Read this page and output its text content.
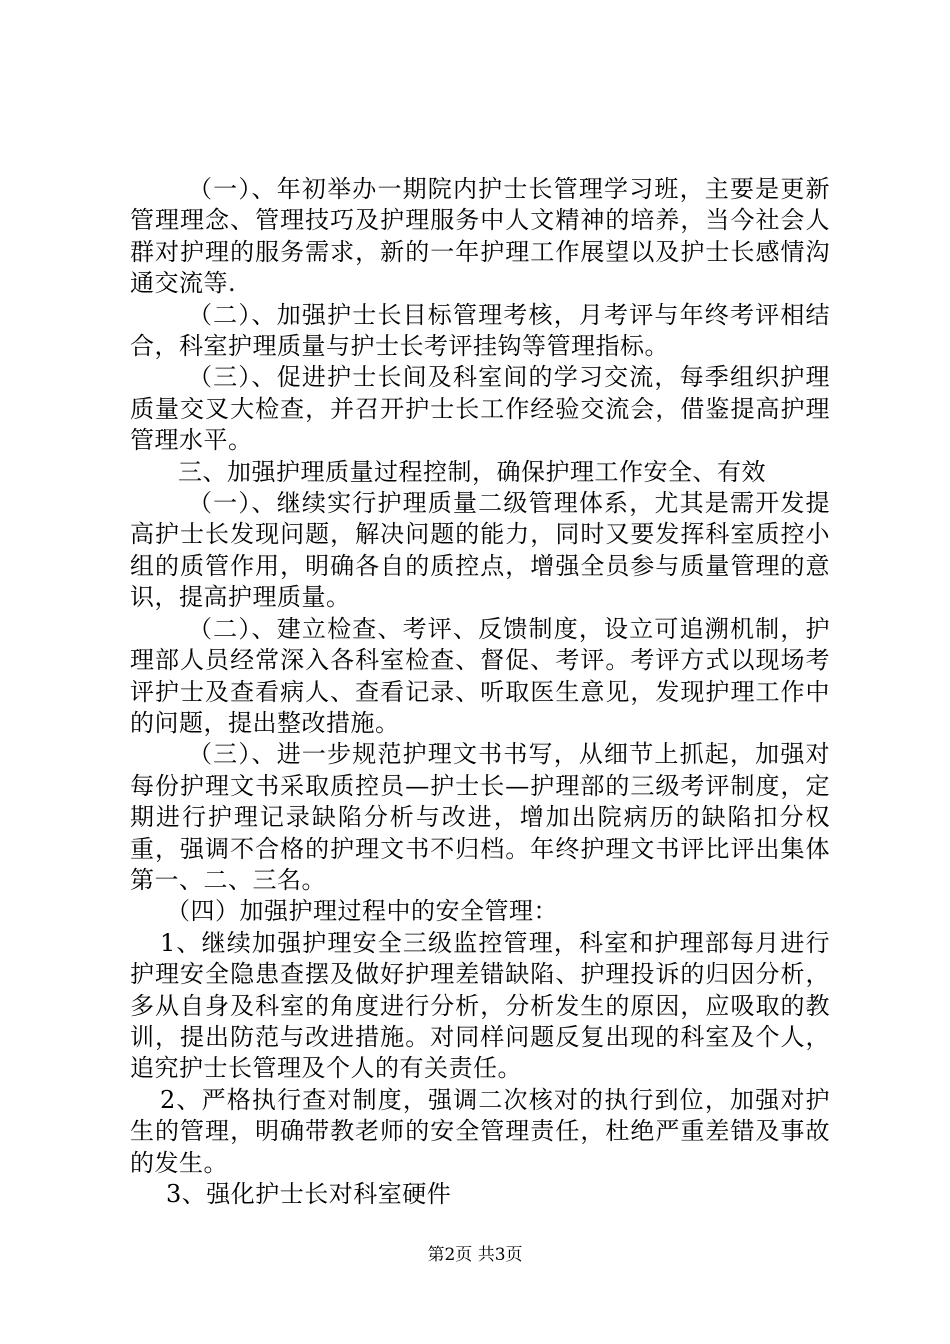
（一）、年初举办一期院内护士长管理学习班，主要是更新管理理念、管理技巧及护理服务中人文精神的培养，当今社会人群对护理的服务需求，新的一年护理工作展望以及护士长感情沟通交流等.

（二）、加强护士长目标管理考核，月考评与年终考评相结合，科室护理质量与护士长考评挂钩等管理指标。

（三）、促进护士长间及科室间的学习交流，每季组织护理质量交叉大检查，并召开护士长工作经验交流会，借鉴提高护理管理水平。

三、加强护理质量过程控制，确保护理工作安全、有效

（一）、继续实行护理质量二级管理体系，尤其是需开发提高护士长发现问题，解决问题的能力，同时又要发挥科室质控小组的质管作用，明确各自的质控点，增强全员参与质量管理的意识，提高护理质量。

（二）、建立检查、考评、反馈制度，设立可追溯机制，护理部人员经常深入各科室检查、督促、考评。考评方式以现场考评护士及查看病人、查看记录、听取医生意见，发现护理工作中的问题，提出整改措施。

（三）、进一步规范护理文书书写，从细节上抓起，加强对每份护理文书采取质控员—护士长—护理部的三级考评制度，定期进行护理记录缺陷分析与改进，增加出院病历的缺陷扣分权重，强调不合格的护理文书不归档。年终护理文书评比评出集体第一、二、三名。

（四）加强护理过程中的安全管理：

1、继续加强护理安全三级监控管理，科室和护理部每月进行护理安全隐患查摆及做好护理差错缺陷、护理投诉的归因分析，多从自身及科室的角度进行分析，分析发生的原因，应吸取的教训，提出防范与改进措施。对同样问题反复出现的科室及个人，追究护士长管理及个人的有关责任。

2、严格执行查对制度，强调二次核对的执行到位，加强对护生的管理，明确带教老师的安全管理责任，杜绝严重差错及事故的发生。

3、强化护士长对科室硬件

第2页 共3页
